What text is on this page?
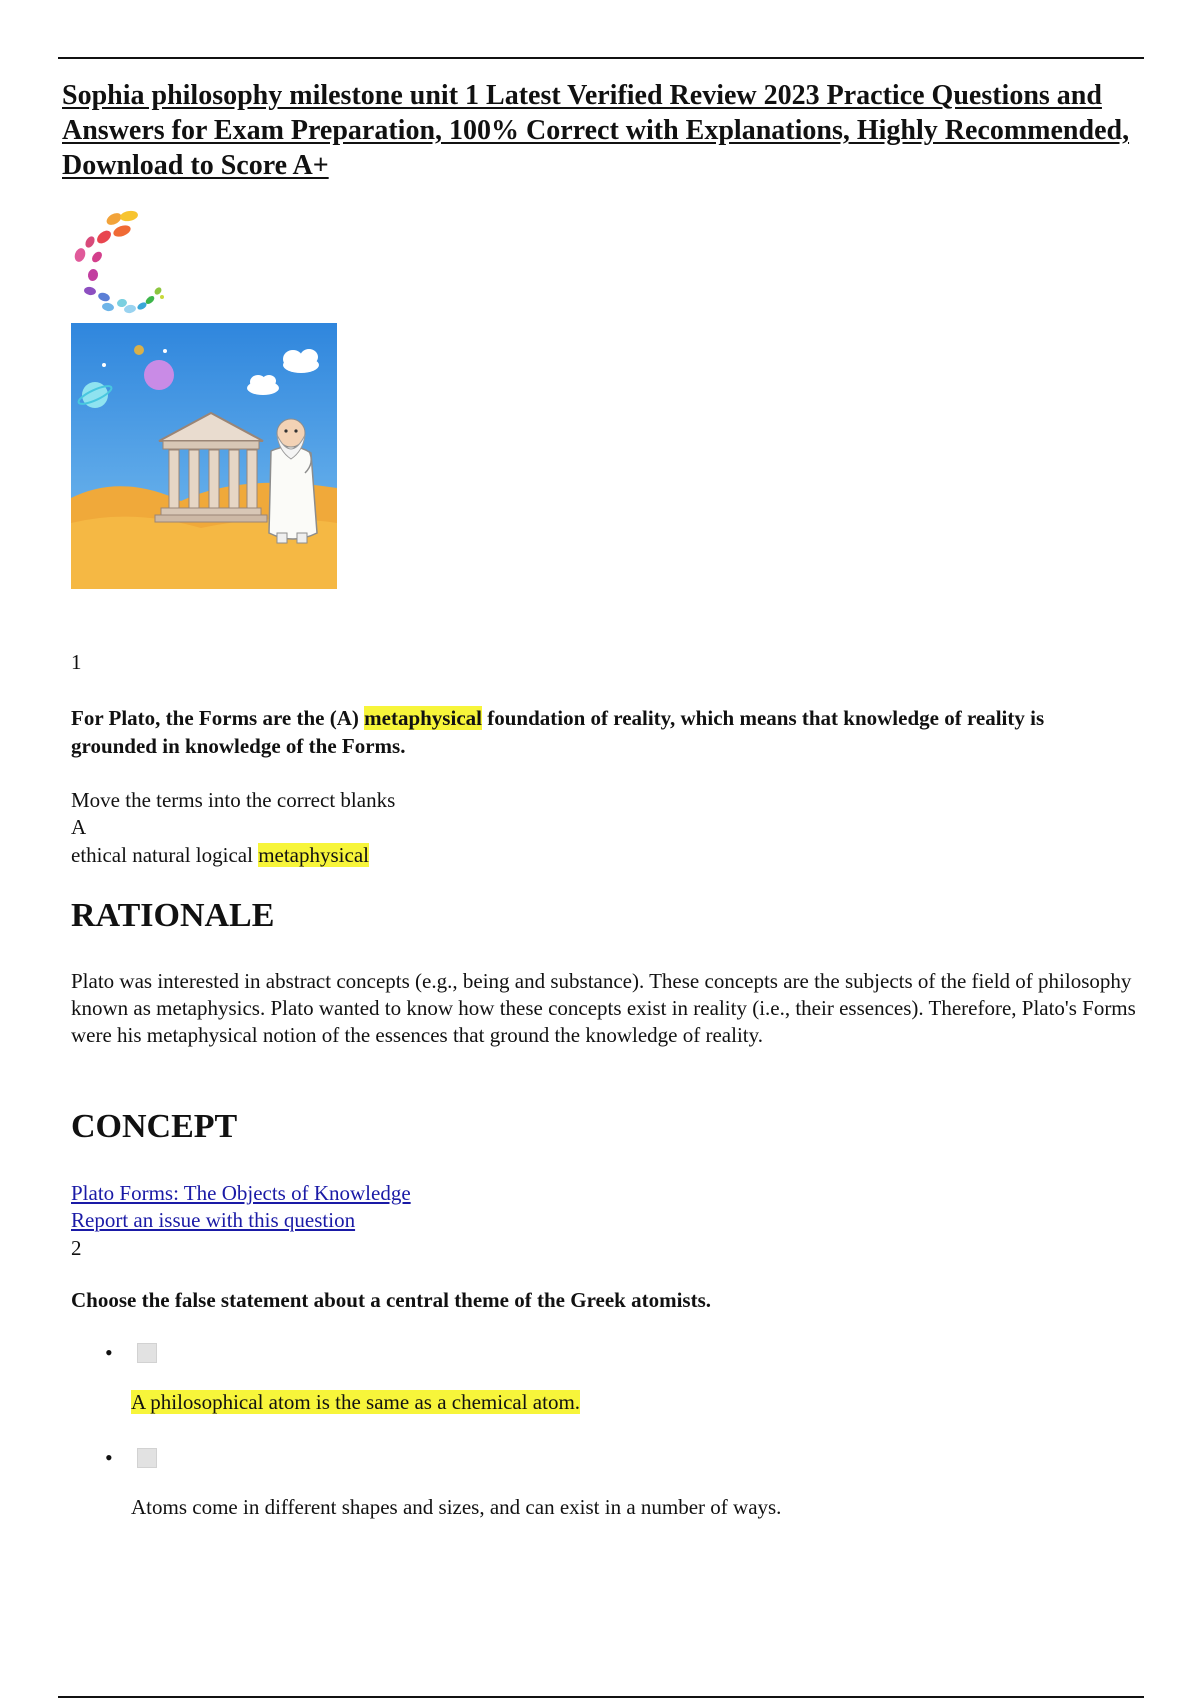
Sophia philosophy milestone unit 1 Latest Verified Review 2023 Practice Questions and Answers for Exam Preparation, 100% Correct with Explanations, Highly Recommended, Download to Score A+
1

For Plato, the Forms are the (A) metaphysical foundation of reality, which means that knowledge of reality is grounded in knowledge of the Forms.

Move the terms into the correct blanks
A
ethical natural logical metaphysical
RATIONALE

Plato was interested in abstract concepts (e.g., being and substance). These concepts are the subjects of the field of philosophy known as metaphysics. Plato wanted to know how these concepts exist in reality (i.e., their essences). Therefore, Plato's Forms were his metaphysical notion of the essences that ground the knowledge of reality.

CONCEPT
Plato Forms: The Objects of Knowledge
Report an issue with this question
2
Choose the false statement about a central theme of the Greek atomists.
•
A philosophical atom is the same as a chemical atom.
•
Atoms come in different shapes and sizes, and can exist in a number of ways.
